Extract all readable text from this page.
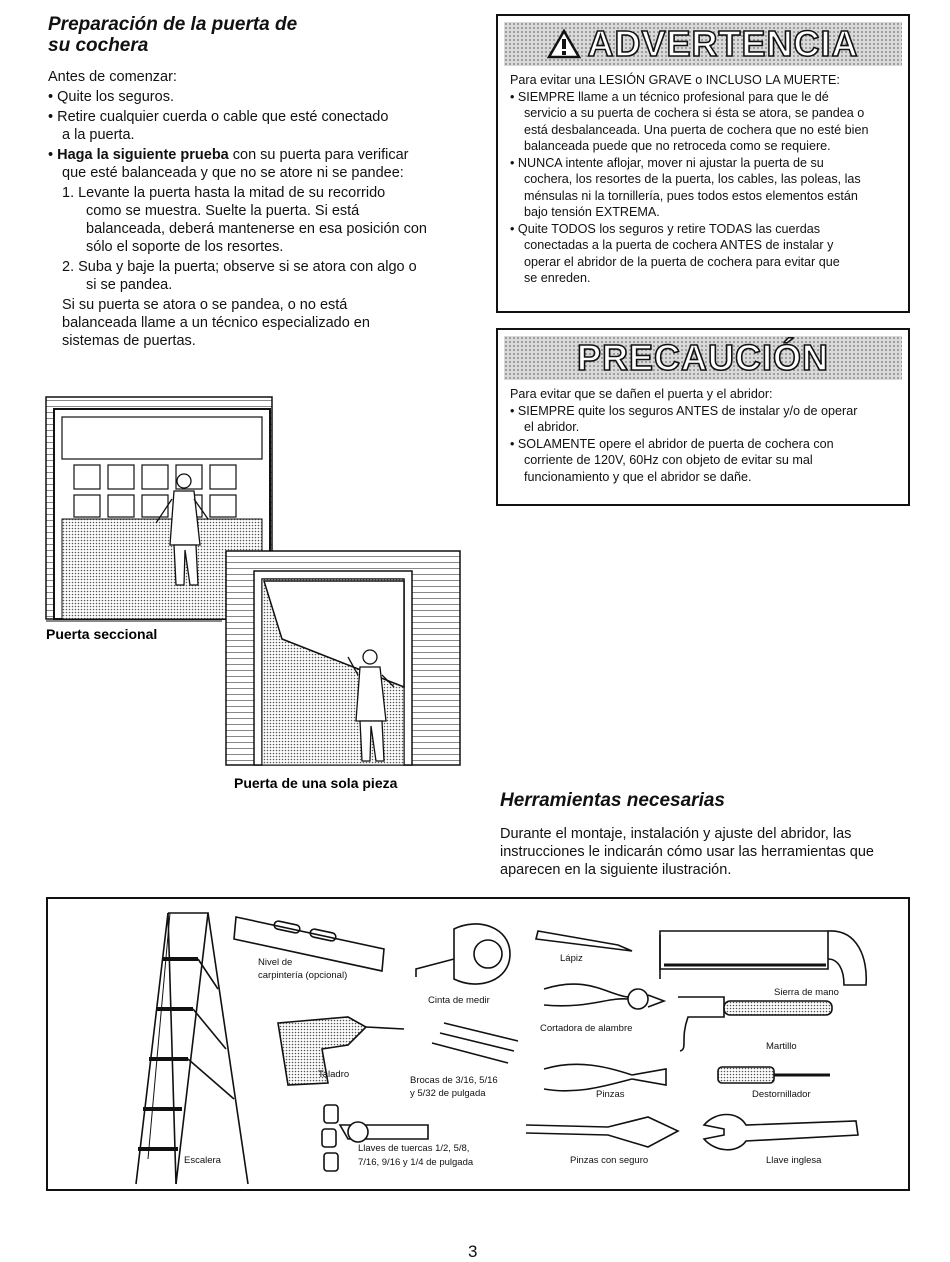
Preparación de la puerta de
su cochera

Antes de comenzar:

• Quite los seguros.

• Retire cualquier cuerda o cable que esté conectado

a la puerta.

• Haga la siguiente prueba con su puerta para verificar

que esté balanceada y que no se atore ni se pandee:

1. Levante la puerta hasta la mitad de su recorrido

como se muestra. Suelte la puerta. Si está

balanceada, deberá mantenerse en esa posición con

sólo el soporte de los resortes.

2. Suba y baje la puerta; observe si se atora con algo o

si se pandea.

Si su puerta se atora o se pandea, o no está

balanceada llame a un técnico especializado en

sistemas de puertas.

Puerta seccional
Puerta de una sola pieza
ADVERTENCIA

Para evitar una LESIÓN GRAVE o INCLUSO LA MUERTE:

• SIEMPRE llame a un técnico profesional para que le dé

servicio a su puerta de cochera si ésta se atora, se pandea o

está desbalanceada. Una puerta de cochera que no esté bien

balanceada puede que no retroceda como se requiere.

• NUNCA intente aflojar, mover ni ajustar la puerta de su

cochera, los resortes de la puerta, los cables, las poleas, las

ménsulas ni la tornillería, pues todos estos elementos están

bajo tensión EXTREMA.

• Quite TODOS los seguros y retire TODAS las cuerdas

conectadas a la puerta de cochera ANTES de instalar y

operar el abridor de la puerta de cochera para evitar que

se enreden.

PRECAUCIÓN

Para evitar que se dañen el puerta y el abridor:

• SIEMPRE quite los seguros ANTES de instalar y/o de operar

el abridor.

• SOLAMENTE opere el abridor de puerta de cochera con

corriente de 120V, 60Hz con objeto de evitar su mal

funcionamiento y que el abridor se dañe.

Herramientas necesarias

Durante el montaje, instalación y ajuste del abridor, las

instrucciones le indicarán cómo usar las herramientas que

aparecen en la siguiente ilustración.

Nivel de
carpintería (opcional)
Cinta de medir
Lápiz
Cortadora de alambre
Sierra de mano
Martillo
Taladro
Brocas de 3/16, 5/16
y 5/32 de pulgada	Pinzas	Destornillador
Escalera
Llaves de tuercas 1/2, 5/8,
7/16, 9/16 y 1/4 de pulgada	Pinzas con seguro	Llave inglesa
3
